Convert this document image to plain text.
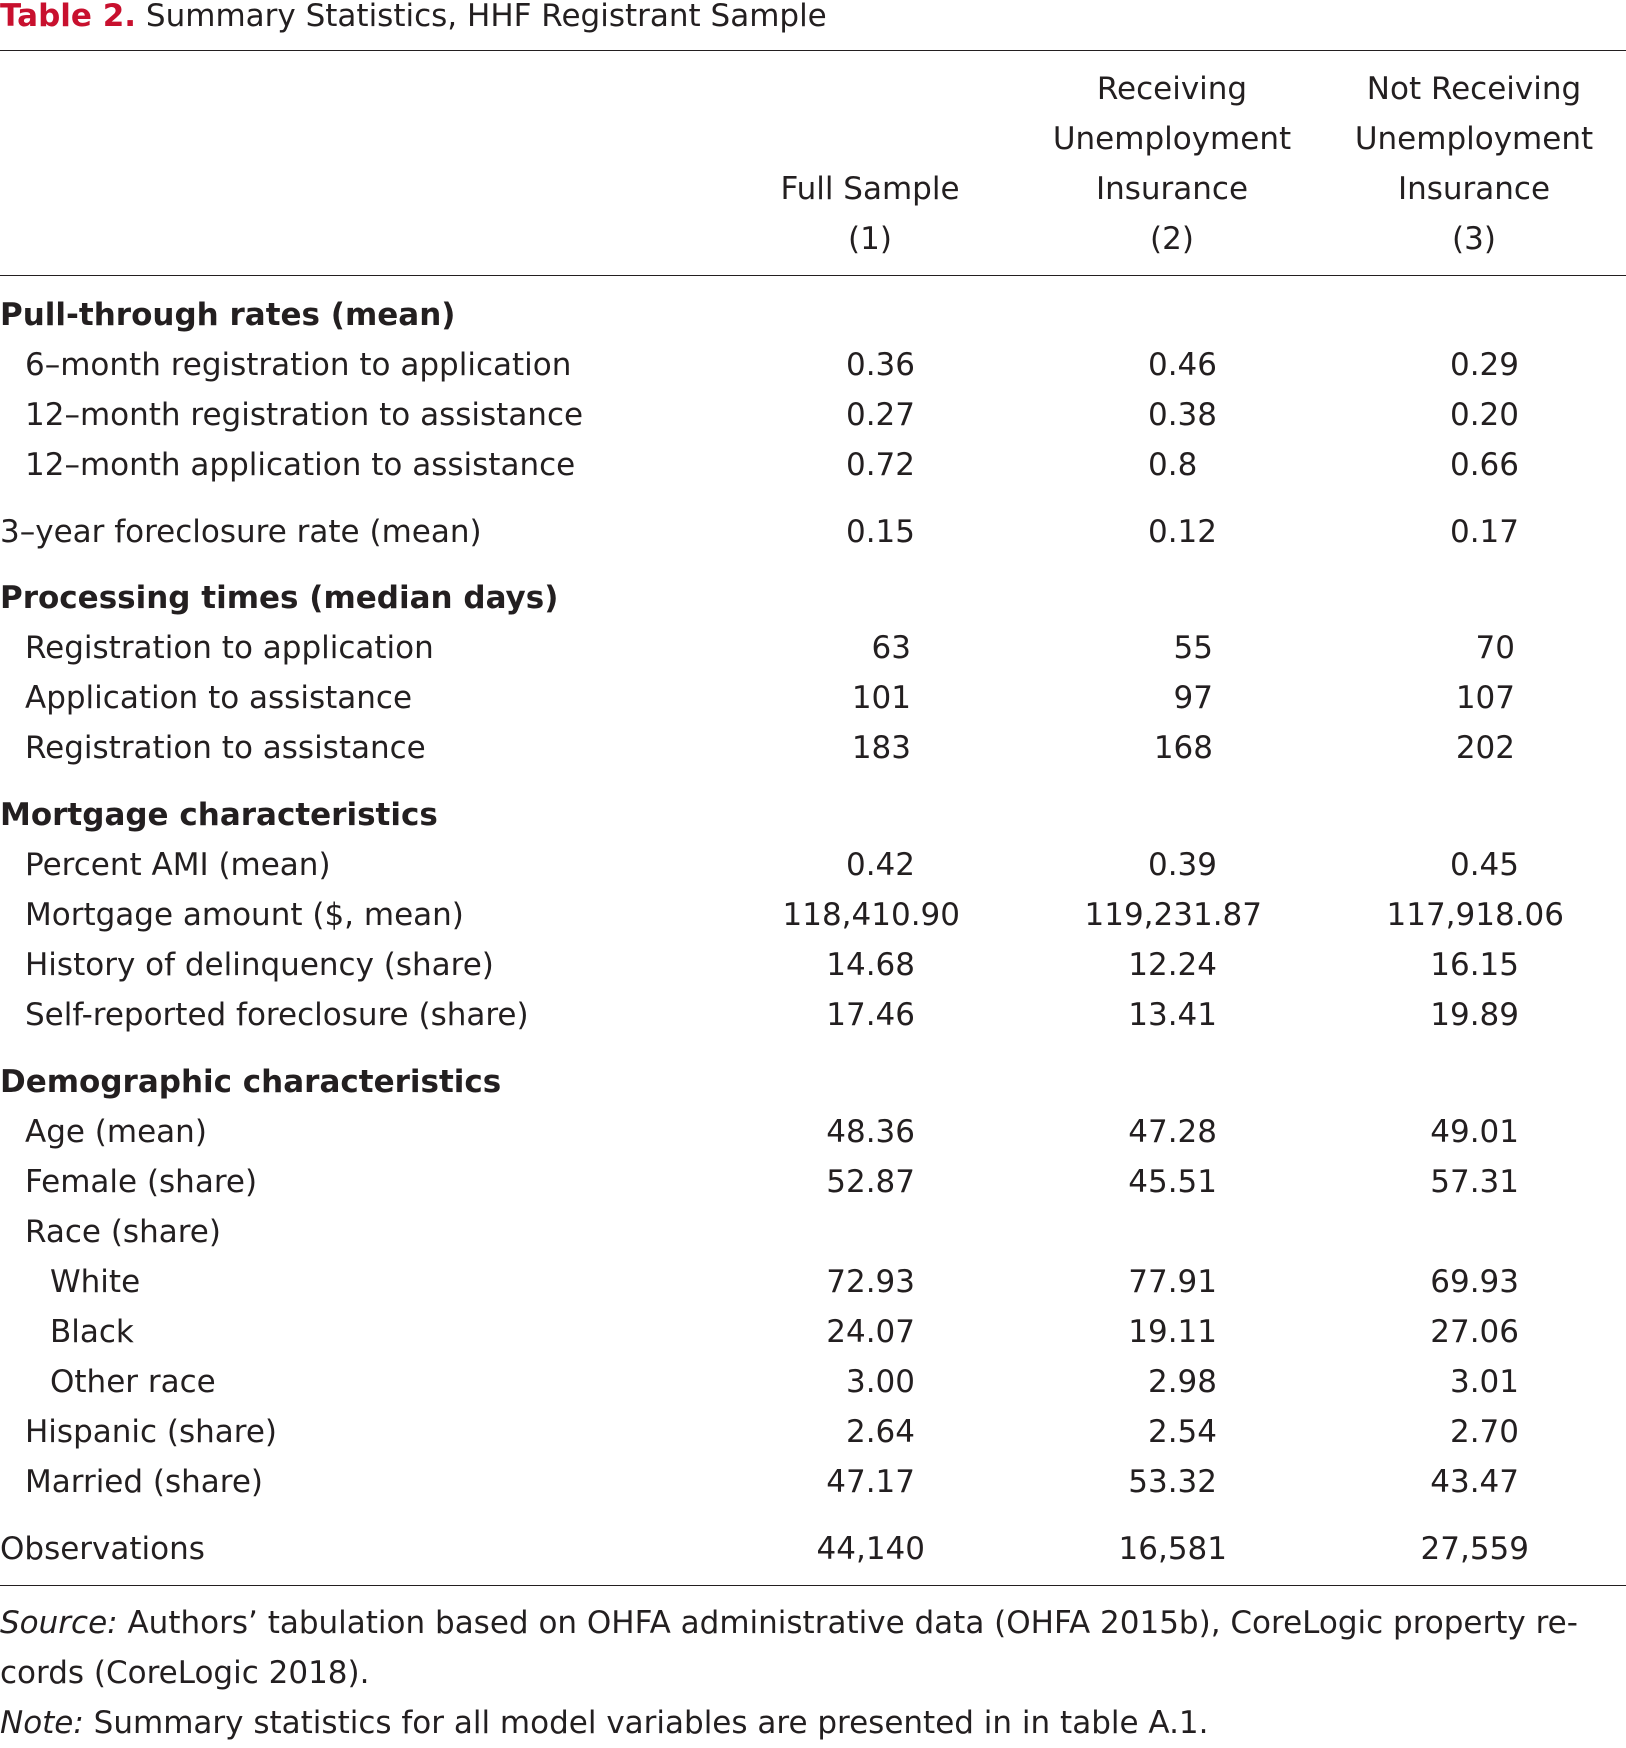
Table 2. Summary Statistics, HHF Registrant Sample
Full Sample
(1)
Receiving
Unemployment
Insurance
(2)
Not Receiving
Unemployment
Insurance
(3)
Pull-through rates (mean)
6–month registration to application	0.36	0.46	0.29
12–month registration to assistance	0.27	0.38	0.20
12–month application to assistance	0.72	0.8	0.66
3–year foreclosure rate (mean)	0.15	0.12	0.17
Processing times (median days)
Registration to application	63	55	70
Application to assistance	101	97	107
Registration to assistance	183	168	202
Mortgage characteristics
Percent AMI (mean)	0.42	0.39	0.45
Mortgage amount ($, mean)	118,410.90	119,231.87	117,918.06
History of delinquency (share)	14.68	12.24	16.15
Self-reported foreclosure (share)	17.46	13.41	19.89
Demographic characteristics
Age (mean)	48.36	47.28	49.01
Female (share)	52.87	45.51	57.31
Race (share)
White	72.93	77.91	69.93
Black	24.07	19.11	27.06
Other race	3.00	2.98	3.01
Hispanic (share)	2.64	2.54	2.70
Married (share)	47.17	53.32	43.47
Observations	44,140	16,581	27,559
Source: Authors’ tabulation based on OHFA administrative data (OHFA 2015b), CoreLogic property re-
cords (CoreLogic 2018).
Note: Summary statistics for all model variables are presented in in table A.1.
